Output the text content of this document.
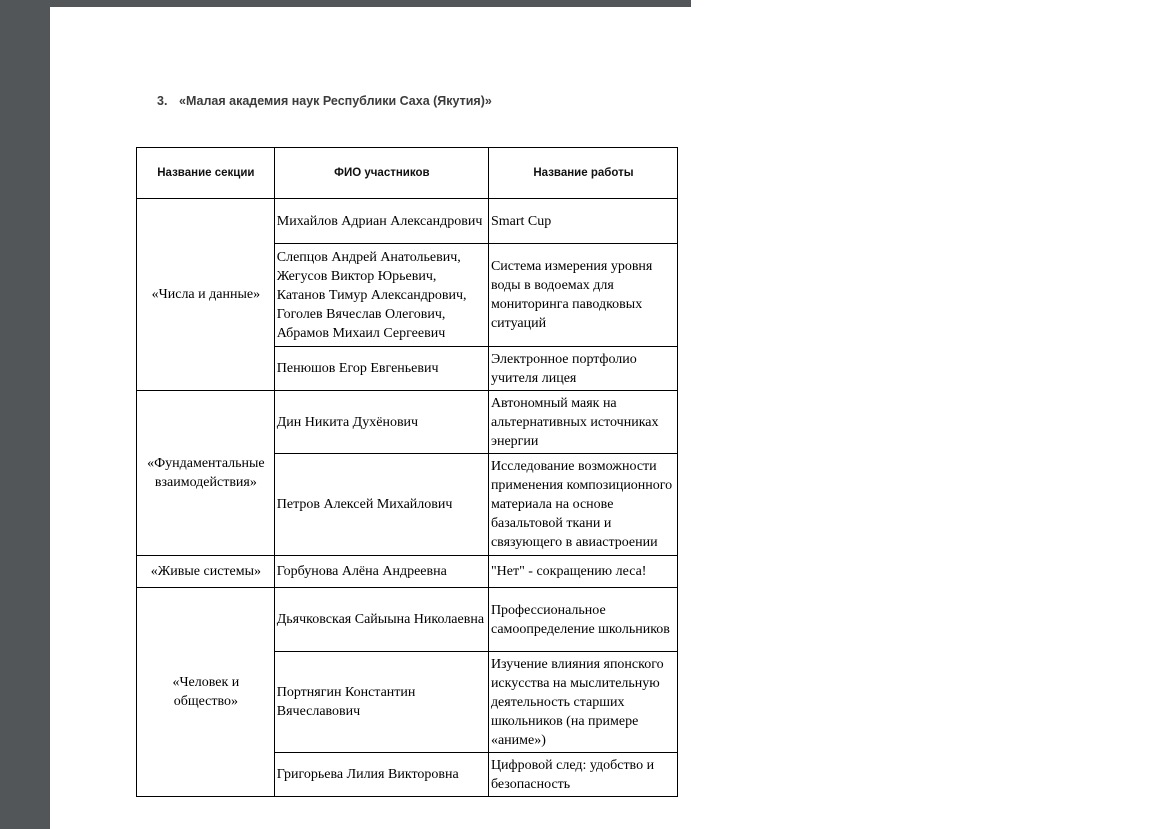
3. «Малая академия наук Республики Саха (Якутия)»
Название секции	ФИО участников	Название работы
«Числа и данные»	Михайлов Адриан Александрович	Smart Cup
	Слепцов Андрей Анатольевич, Жегусов Виктор Юрьевич, Катанов Тимур Александрович, Гоголев Вячеслав Олегович, Абрамов Михаил Сергеевич	Система измерения уровня воды в водоемах для мониторинга паводковых ситуаций
	Пенюшов Егор Евгеньевич	Электронное портфолио учителя лицея
«Фундаментальные взаимодействия»	Дин Никита Духёнович	Автономный маяк на альтернативных источниках энергии
	Петров Алексей Михайлович	Исследование возможности применения композиционного материала на основе базальтовой ткани и связующего в авиастроении
«Живые системы»	Горбунова Алёна Андреевна	"Нет" - сокращению леса!
«Человек и общество»	Дьячковская Сайыына Николаевна	Профессиональное самоопределение школьников
	Портнягин Константин Вячеславович	Изучение влияния японского искусства на мыслительную деятельность старших школьников (на примере «аниме»)
	Григорьева Лилия Викторовна	Цифровой след: удобство и безопасность
